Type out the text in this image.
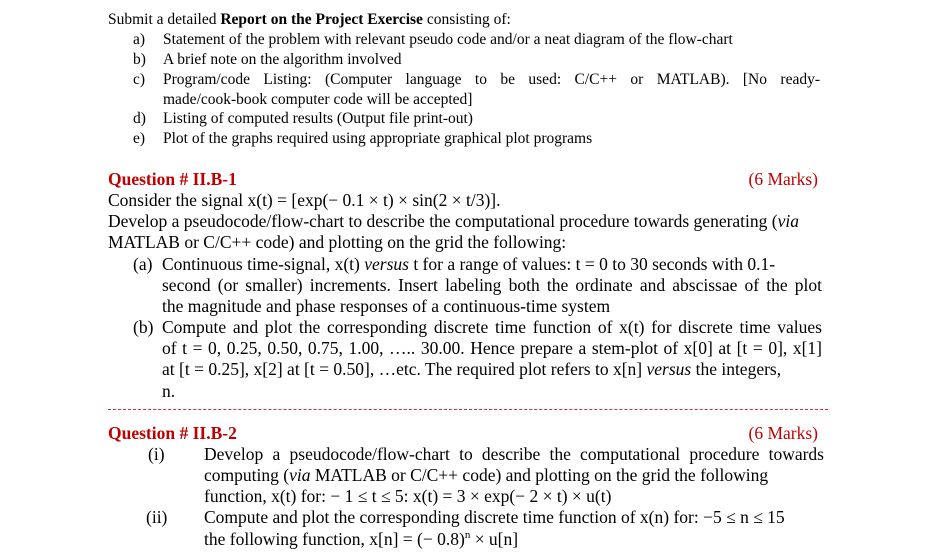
Submit a detailed Report on the Project Exercise consisting of:
a) Statement of the problem with relevant pseudo code and/or a neat diagram of the flow-chart
b) A brief note on the algorithm involved
c) Program/code Listing: (Computer language to be used: C/C++ or MATLAB). [No ready-
made/cook-book computer code will be accepted]
d) Listing of computed results (Output file print-out)
e) Plot of the graphs required using appropriate graphical plot programs
Question # II.B-1	(6 Marks)
Consider the signal x(t) = [exp(− 0.1 × t) × sin(2 × t/3)].
Develop a pseudocode/flow-chart to describe the computational procedure towards generating (via
MATLAB or C/C++ code) and plotting on the grid the following:
(a) Continuous time-signal, x(t) versus t for a range of values: t = 0 to 30 seconds with 0.1-
second (or smaller) increments. Insert labeling both the ordinate and abscissae of the plot
the magnitude and phase responses of a continuous-time system
(b) Compute and plot the corresponding discrete time function of x(t) for discrete time values
of t = 0, 0.25, 0.50, 0.75, 1.00, ….. 30.00. Hence prepare a stem-plot of x[0] at [t = 0], x[1]
at [t = 0.25], x[2] at [t = 0.50], …etc. The required plot refers to x[n] versus the integers,
n.
Question # II.B-2	(6 Marks)
(i) Develop a pseudocode/flow-chart to describe the computational procedure towards
computing (via MATLAB or C/C++ code) and plotting on the grid the following
function, x(t) for: − 1 ≤ t ≤ 5: x(t) = 3 × exp(− 2 × t) × u(t)
(ii) Compute and plot the corresponding discrete time function of x(n) for: −5 ≤ n ≤ 15
the following function, x[n] = (− 0.8)$^n$ × u[n]
